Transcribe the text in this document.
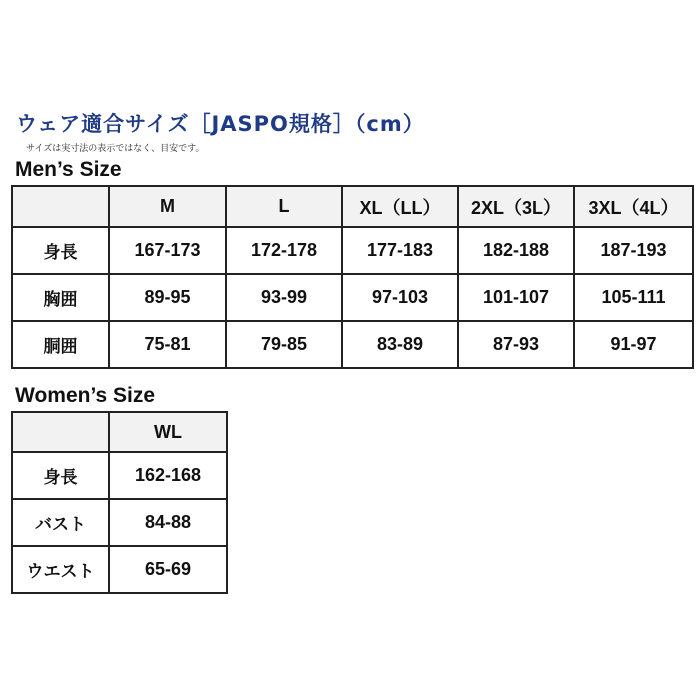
ウェア適合サイズ［JASPO規格］（cm）
サイズは実寸法の表示ではなく、目安です。
Men’s Size
	M	L	XL（LL）	2XL（3L）	3XL（4L）
身長	167-173	172-178	177-183	182-188	187-193
胸囲	89-95	93-99	97-103	101-107	105-111
胴囲	75-81	79-85	83-89	87-93	91-97
Women’s Size
	WL
身長	162-168
バスト	84-88
ウエスト	65-69
